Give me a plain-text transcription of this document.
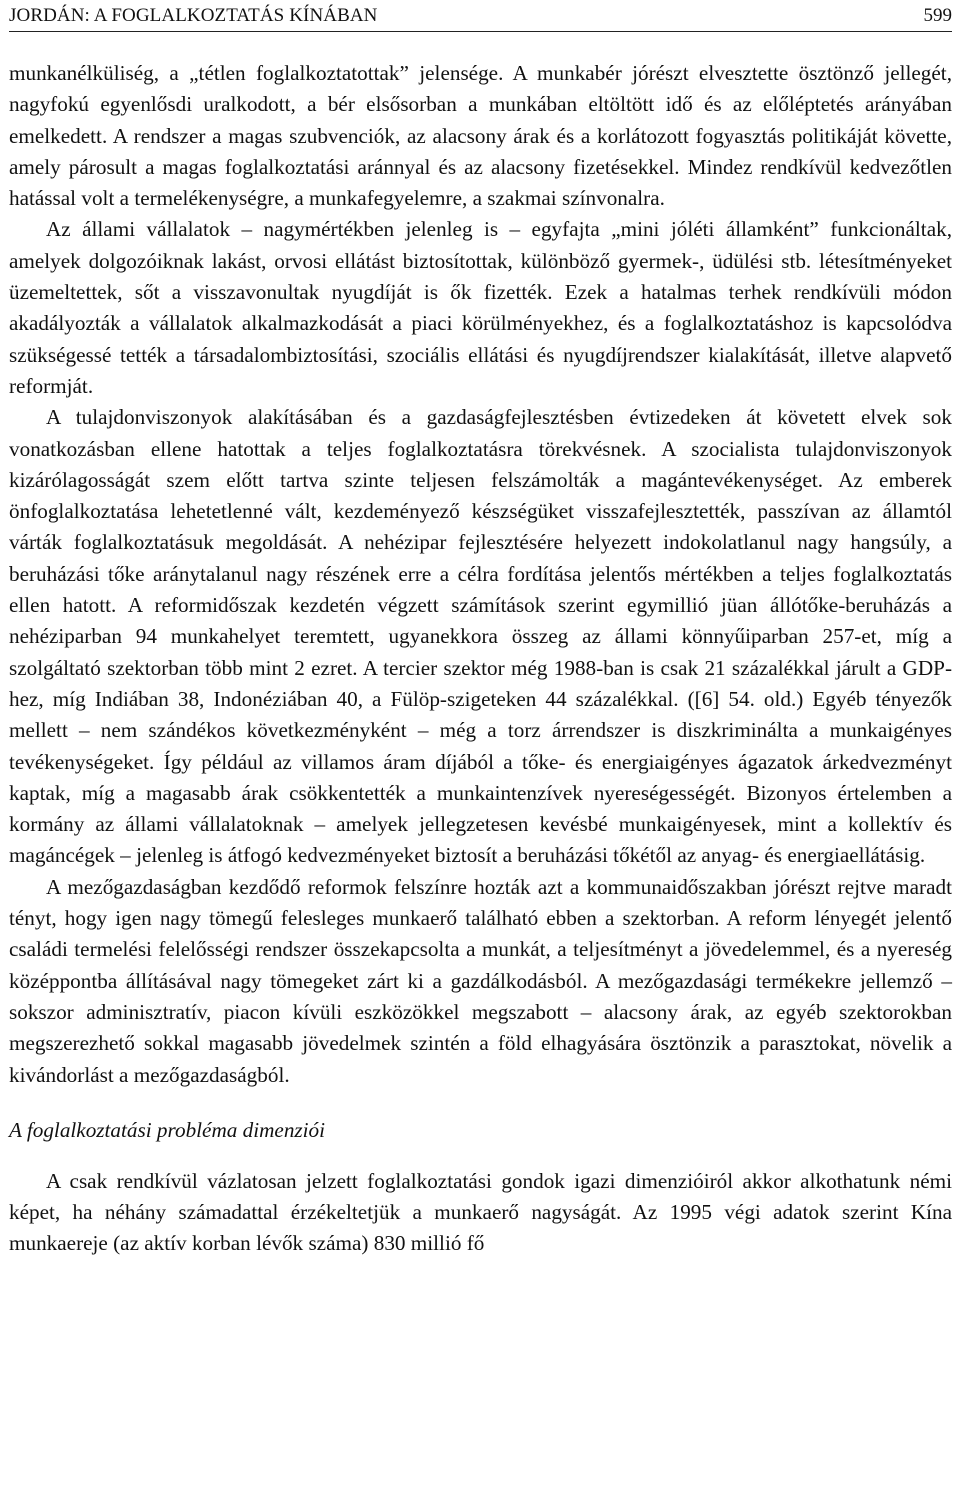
JORDÁN: A FOGLALKOZTATÁS KÍNÁBAN	599

munkanélküliség, a „tétlen foglalkoztatottak” jelensége. A munkabér jórészt elvesztette ösztönző jellegét, nagyfokú egyenlősdi uralkodott, a bér elsősorban a munkában eltöltött idő és az előléptetés arányában emelkedett. A rendszer a magas szubvenciók, az alacsony árak és a korlátozott fogyasztás politikáját követte, amely párosult a magas foglalkoztatási aránnyal és az alacsony fizetésekkel. Mindez rendkívül kedvezőtlen hatással volt a termelékenységre, a munkafegyelemre, a szakmai színvonalra.

Az állami vállalatok – nagymértékben jelenleg is – egyfajta „mini jóléti államként” funkcionáltak, amelyek dolgozóiknak lakást, orvosi ellátást biztosítottak, különböző gyermek-, üdülési stb. létesítményeket üzemeltettek, sőt a visszavonultak nyugdíját is ők fizették. Ezek a hatalmas terhek rendkívüli módon akadályozták a vállalatok alkalmazkodását a piaci körülményekhez, és a foglalkoztatáshoz is kapcsolódva szükségessé tették a társadalombiztosítási, szociális ellátási és nyugdíjrendszer kialakítását, illetve alapvető reformját.

A tulajdonviszonyok alakításában és a gazdaságfejlesztésben évtizedeken át követett elvek sok vonatkozásban ellene hatottak a teljes foglalkoztatásra törekvésnek. A szocialista tulajdonviszonyok kizárólagosságát szem előtt tartva szinte teljesen felszámolták a magántevékenységet. Az emberek önfoglalkoztatása lehetetlenné vált, kezdeményező készségüket visszafejlesztették, passzívan az államtól várták foglalkoztatásuk megoldását. A nehézipar fejlesztésére helyezett indokolatlanul nagy hangsúly, a beruházási tőke aránytalanul nagy részének erre a célra fordítása jelentős mértékben a teljes foglalkoztatás ellen hatott. A reformidőszak kezdetén végzett számítások szerint egymillió jüan állótőke-beruházás a nehéziparban 94 munkahelyet teremtett, ugyanekkora összeg az állami könnyűiparban 257-et, míg a szolgáltató szektorban több mint 2 ezret. A tercier szektor még 1988-ban is csak 21 százalékkal járult a GDP-hez, míg Indiában 38, Indonéziában 40, a Fülöp-szigeteken 44 százalékkal. ([6] 54. old.) Egyéb tényezők mellett – nem szándékos következményként – még a torz árrendszer is diszkriminálta a munkaigényes tevékenységeket. Így például az villamos áram díjából a tőke- és energiaigényes ágazatok árkedvezményt kaptak, míg a magasabb árak csökkentették a munkaintenzívek nyereségességét. Bizonyos értelemben a kormány az állami vállalatoknak – amelyek jellegzetesen kevésbé munkaigényesek, mint a kollektív és magáncégek – jelenleg is átfogó kedvezményeket biztosít a beruházási tőkétől az anyag- és energiaellátásig.

A mezőgazdaságban kezdődő reformok felszínre hozták azt a kommunaidőszakban jórészt rejtve maradt tényt, hogy igen nagy tömegű felesleges munkaerő található ebben a szektorban. A reform lényegét jelentő családi termelési felelősségi rendszer összekapcsolta a munkát, a teljesítményt a jövedelemmel, és a nyereség középpontba állításával nagy tömegeket zárt ki a gazdálkodásból. A mezőgazdasági termékekre jellemző – sokszor adminisztratív, piacon kívüli eszközökkel megszabott – alacsony árak, az egyéb szektorokban megszerezhető sokkal magasabb jövedelmek szintén a föld elhagyására ösztönzik a parasztokat, növelik a kivándorlást a mezőgazdaságból.

A foglalkoztatási probléma dimenziói

A csak rendkívül vázlatosan jelzett foglalkoztatási gondok igazi dimenzióiról akkor alkothatunk némi képet, ha néhány számadattal érzékeltetjük a munkaerő nagyságát. Az 1995 végi adatok szerint Kína munkaereje (az aktív korban lévők száma) 830 millió fő
